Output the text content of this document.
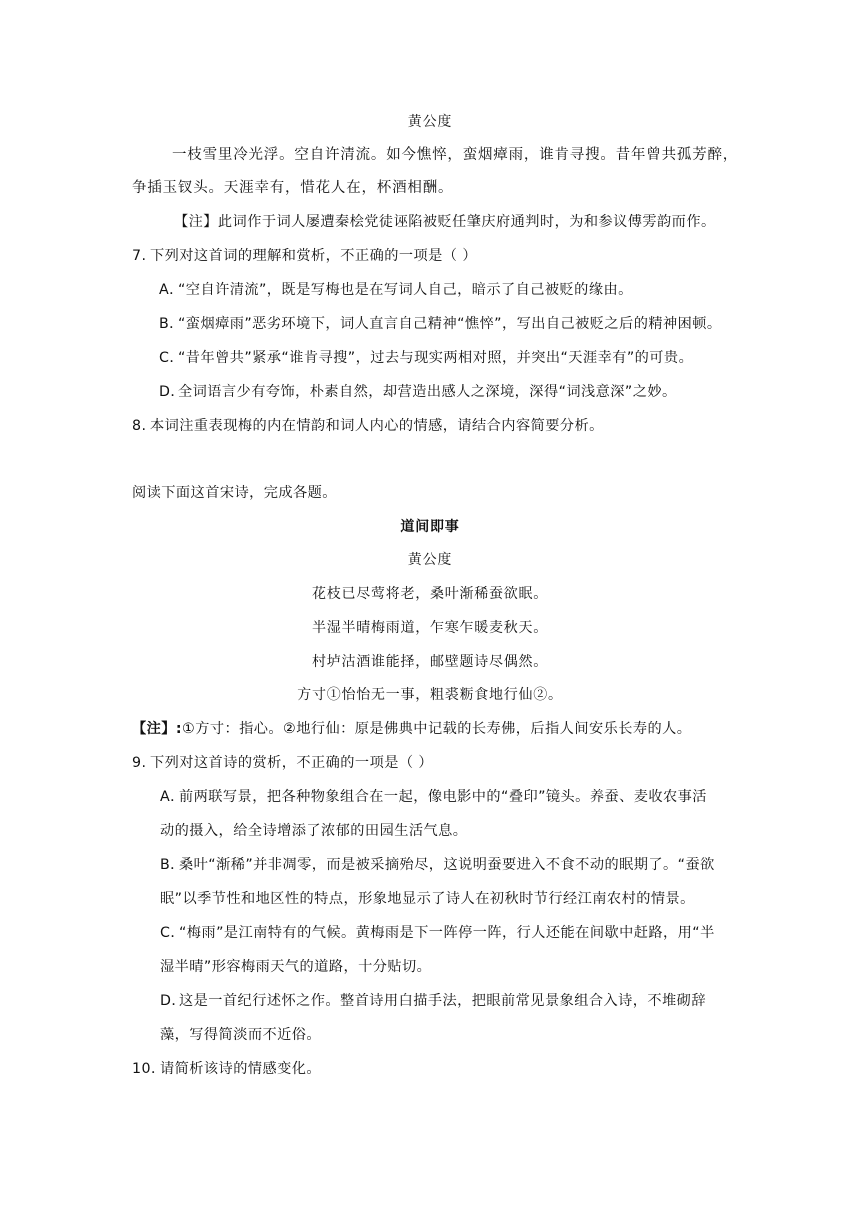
黄公度
一枝雪里冷光浮。空自许清流。如今憔悴，蛮烟瘴雨，谁肯寻搜。昔年曾共孤芳醉，
争插玉钗头。天涯幸有，惜花人在，杯酒相酬。
【注】此词作于词人屡遭秦桧党徒诬陷被贬任肇庆府通判时，为和参议傅雱韵而作。
7. 下列对这首词的理解和赏析，不正确的一项是（ ）
A．“空自许清流”，既是写梅也是在写词人自己，暗示了自己被贬的缘由。
B．“蛮烟瘴雨”恶劣环境下，词人直言自己精神“憔悴”，写出自己被贬之后的精神困顿。
C．“昔年曾共”紧承“谁肯寻搜”，过去与现实两相对照，并突出“天涯幸有”的可贵。
D．全词语言少有夸饰，朴素自然，却营造出感人之深境，深得“词浅意深”之妙。
8. 本词注重表现梅的内在情韵和词人内心的情感，请结合内容简要分析。
阅读下面这首宋诗，完成各题。
道间即事
黄公度
花枝已尽莺将老，桑叶渐稀蚕欲眠。
半湿半晴梅雨道，乍寒乍暖麦秋天。
村垆沽酒谁能择，邮壁题诗尽偶然。
方寸①怡怡无一事，粗裘粝食地行仙②。
【注】:①方寸：指心。②地行仙：原是佛典中记载的长寿佛，后指人间安乐长寿的人。
9. 下列对这首诗的赏析，不正确的一项是（ ）
A．前两联写景，把各种物象组合在一起，像电影中的“叠印”镜头。养蚕、麦收农事活
动的摄入，给全诗增添了浓郁的田园生活气息。
B．桑叶“渐稀”并非凋零，而是被采摘殆尽，这说明蚕要进入不食不动的眠期了。“蚕欲
眠”以季节性和地区性的特点，形象地显示了诗人在初秋时节行经江南农村的情景。
C．“梅雨”是江南特有的气候。黄梅雨是下一阵停一阵，行人还能在间歇中赶路，用“半
湿半晴”形容梅雨天气的道路，十分贴切。
D．这是一首纪行述怀之作。整首诗用白描手法，把眼前常见景象组合入诗，不堆砌辞
藻，写得简淡而不近俗。
10．请简析该诗的情感变化。
